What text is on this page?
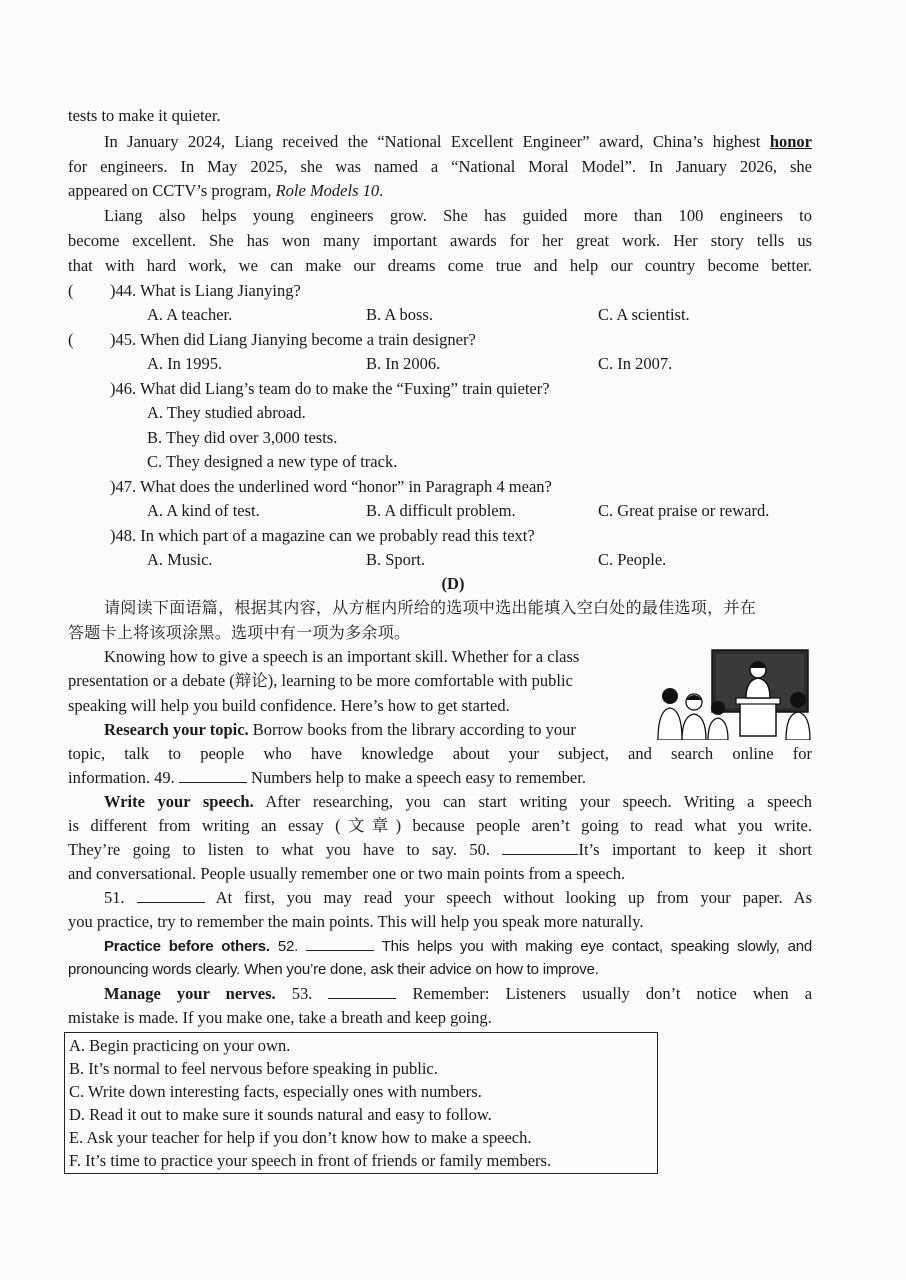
tests to make it quieter.
In January 2024, Liang received the “National Excellent Engineer” award, China’s highest honor
for engineers. In May 2025, she was named a “National Moral Model”. In January 2026, she
appeared on CCTV’s program, Role Models 10.
Liang also helps young engineers grow. She has guided more than 100 engineers to
become excellent. She has won many important awards for her great work. Her story tells us
that with hard work, we can make our dreams come true and help our country become better.
( )44. What is Liang Jianying?
A. A teacher.	B. A boss.	C. A scientist.
( )45. When did Liang Jianying become a train designer?
A. In 1995.	B. In 2006.	C. In 2007.
)46. What did Liang’s team do to make the “Fuxing” train quieter?
A. They studied abroad.
B. They did over 3,000 tests.
C. They designed a new type of track.
)47. What does the underlined word “honor” in Paragraph 4 mean?
A. A kind of test.	B. A difficult problem.	C. Great praise or reward.
)48. In which part of a magazine can we probably read this text?
A. Music.	B. Sport.	C. People.
(D)
请阅读下面语篇，根据其内容，从方框内所给的选项中选出能填入空白处的最佳选项，并在
答题卡上将该项涂黑。选项中有一项为多余项。
Knowing how to give a speech is an important skill. Whether for a class
presentation or a debate (辩论), learning to be more comfortable with public
speaking will help you build confidence. Here’s how to get started.
Research your topic. Borrow books from the library according to your
topic, talk to people who have knowledge about your subject, and search online for
information. 49.	Numbers help to make a speech easy to remember.
Write your speech. After researching, you can start writing your speech. Writing a speech
is different from writing an essay (文章) because people aren’t going to read what you write.
They’re going to listen to what you have to say. 50.	It’s important to keep it short
and conversational. People usually remember one or two main points from a speech.
51.	At first, you may read your speech without looking up from your paper. As
you practice, try to remember the main points. This will help you speak more naturally.
Practice before others. 52.	This helps you with making eye contact, speaking slowly, and
pronouncing words clearly. When you’re done, ask their advice on how to improve.
Manage your nerves. 53.	Remember: Listeners usually don’t notice when a
mistake is made. If you make one, take a breath and keep going.
A. Begin practicing on your own.
B. It’s normal to feel nervous before speaking in public.
C. Write down interesting facts, especially ones with numbers.
D. Read it out to make sure it sounds natural and easy to follow.
E. Ask your teacher for help if you don’t know how to make a speech.
F. It’s time to practice your speech in front of friends or family members.
